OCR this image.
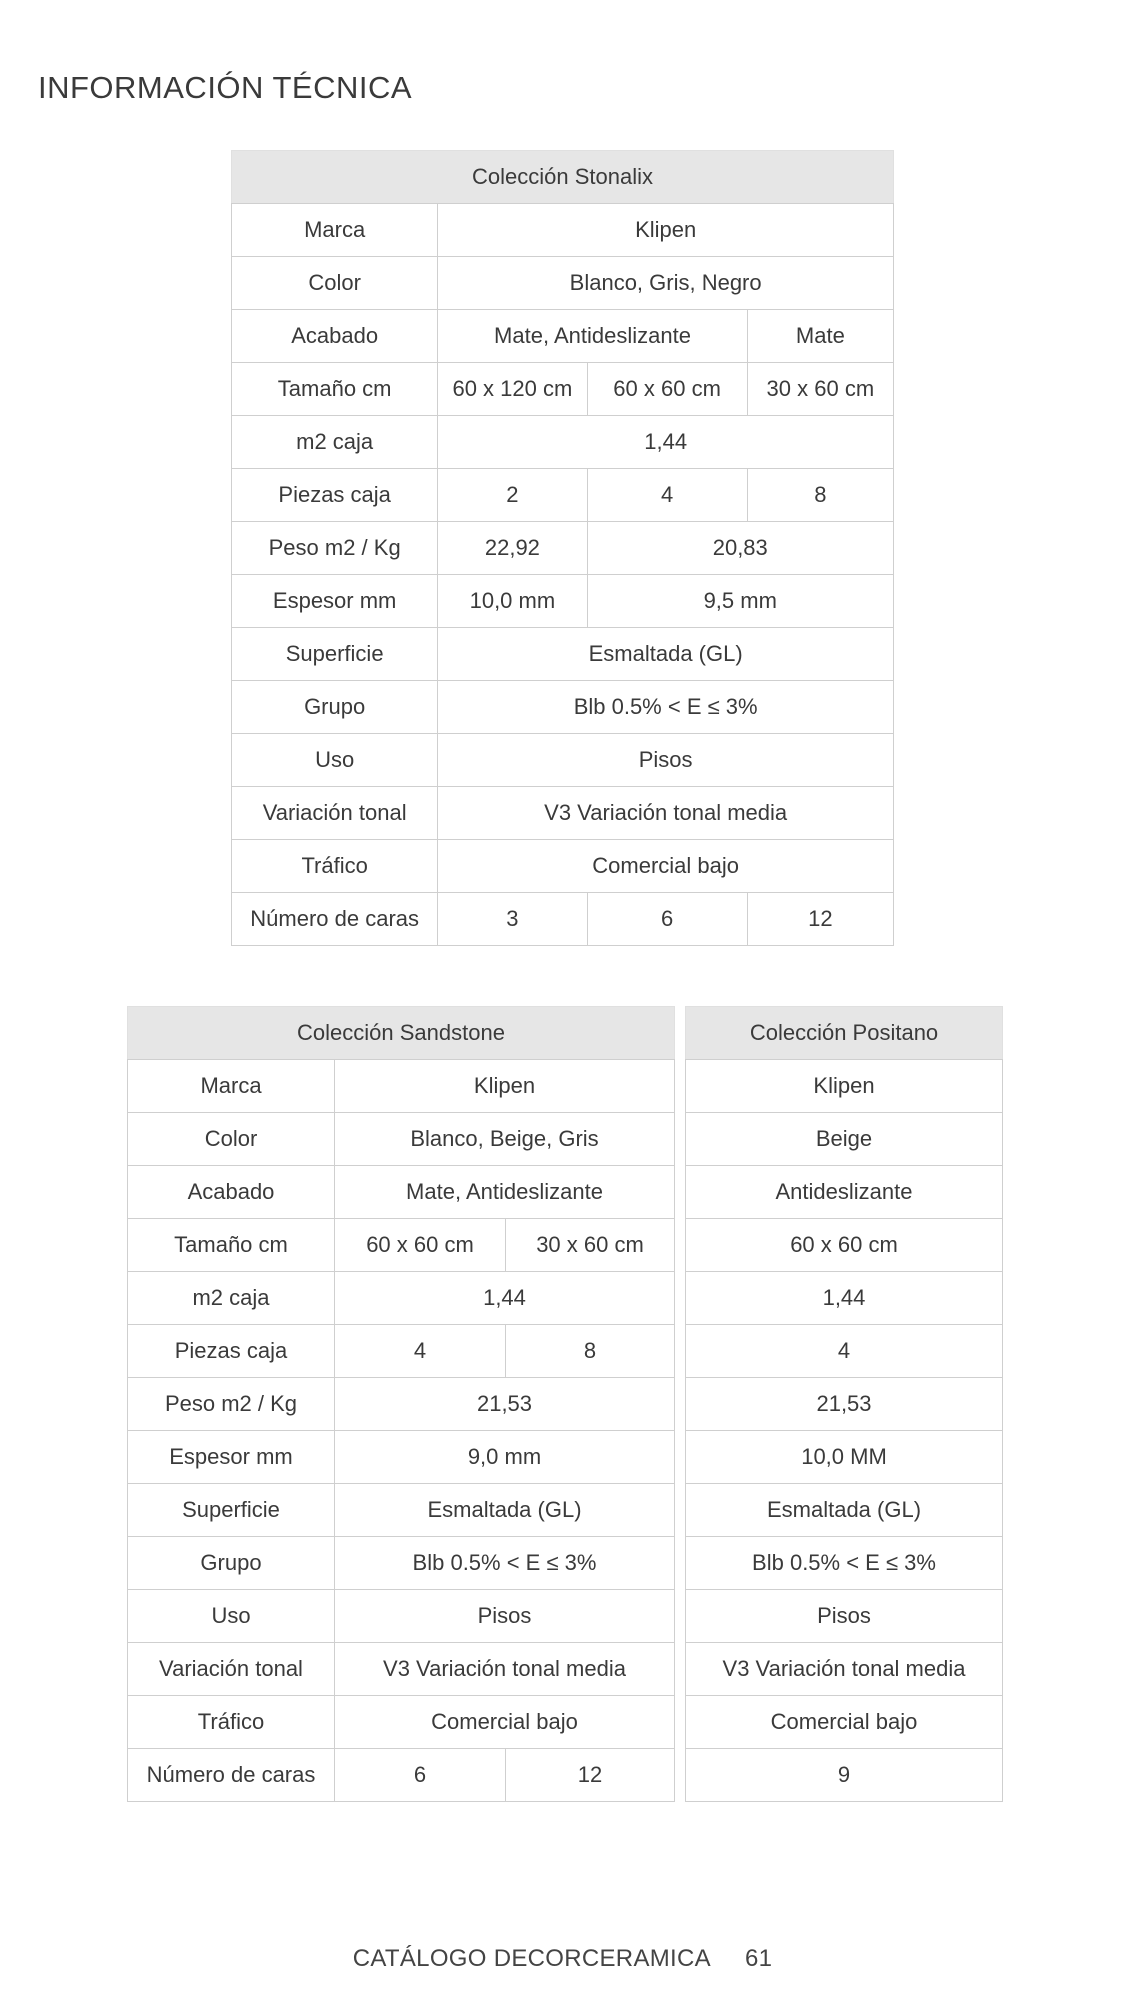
INFORMACIÓN TÉCNICA
Colección Stonalix			
Marca	Klipen		
Color	Blanco, Gris, Negro		
Acabado	Mate, Antideslizante		Mate
Tamaño cm	60 x 120 cm	60 x 60 cm	30 x 60 cm
m2 caja	1,44		
Piezas caja	2	4	8
Peso m2 / Kg	22,92	20,83	
Espesor mm	10,0 mm	9,5 mm	
Superficie	Esmaltada (GL)		
Grupo	Blb 0.5% < E ≤ 3%		
Uso	Pisos		
Variación tonal	V3 Variación tonal media		
Tráfico	Comercial bajo		
Número de caras	3	6	12
Colección Sandstone		
Marca	Klipen	
Color	Blanco, Beige, Gris	
Acabado	Mate, Antideslizante	
Tamaño cm	60 x 60 cm	30 x 60 cm
m2 caja	1,44	
Piezas caja	4	8
Peso m2 / Kg	21,53	
Espesor mm	9,0 mm	
Superficie	Esmaltada (GL)	
Grupo	Blb 0.5% < E ≤ 3%	
Uso	Pisos	
Variación tonal	V3 Variación tonal media	
Tráfico	Comercial bajo	
Número de caras	6	12
Colección Positano
Klipen
Beige
Antideslizante
60 x 60 cm
1,44
4
21,53
10,0 MM
Esmaltada (GL)
Blb 0.5% < E ≤ 3%
Pisos
V3 Variación tonal media
Comercial bajo
9
CATÁLOGO DECORCERAMICA 61
